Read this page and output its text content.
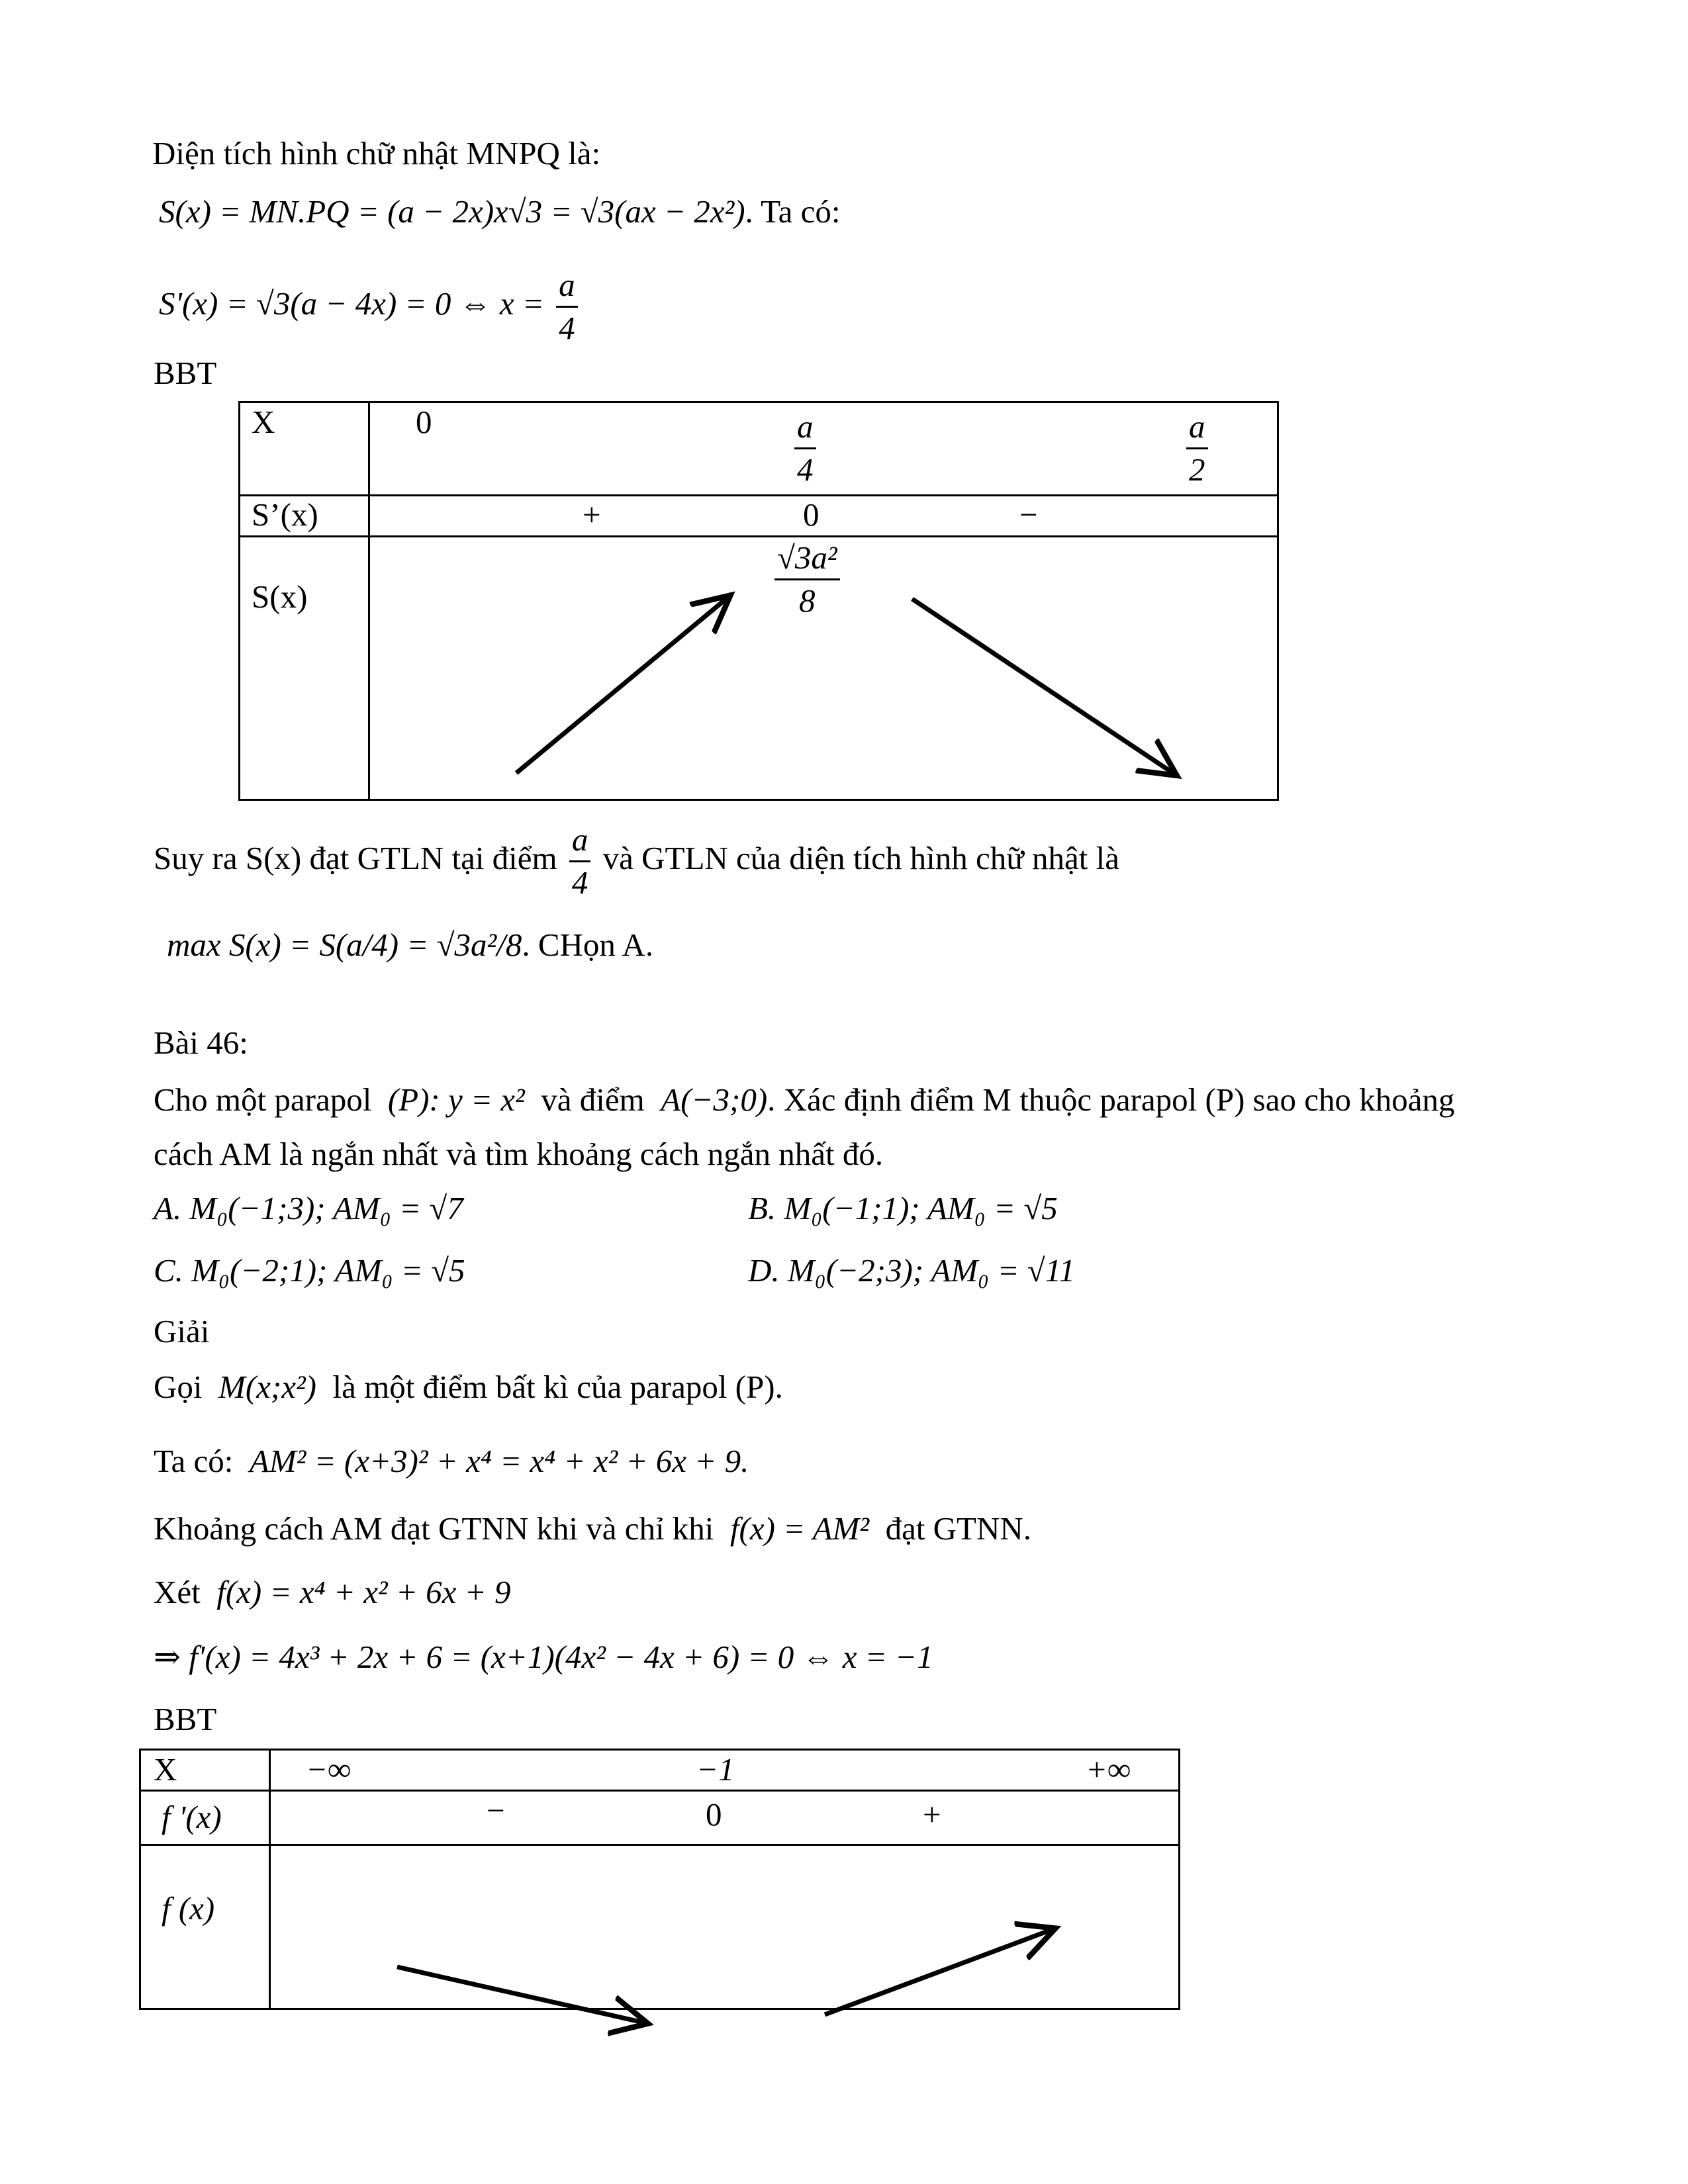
Diện tích hình chữ nhật MNPQ là:
S(x) = MN.PQ = (a − 2x)x√3 = √3(ax − 2x²). Ta có:
S'(x) = √3(a − 4x) = 0 ⇔ $x = \frac{a}{4}$
BBT
X	0	$\frac{a}{4}$	$\frac{a}{2}$
S’(x)	+	0	−
S(x)	$\frac{\text{√3a²}}{8}$
Suy ra S(x) đạt GTLN tại điểm $\frac{a}{4}$ và GTLN của diện tích hình chữ nhật là
max S(x) = S(a/4) = √3a²/8. CHọn A.
Bài 46:
Cho một parapol (P): y = x² và điểm A(−3;0). Xác định điểm M thuộc parapol (P) sao cho khoảng
cách AM là ngắn nhất và tìm khoảng cách ngắn nhất đó.
A. M₀(−1;3); AM₀ = √7	B. M₀(−1;1); AM₀ = √5
C. M₀(−2;1); AM₀ = √5	D. M₀(−2;3); AM₀ = √11
Giải
Gọi M(x;x²) là một điểm bất kì của parapol (P).
Ta có: AM² = (x+3)² + x⁴ = x⁴ + x² + 6x + 9.
Khoảng cách AM đạt GTNN khi và chỉ khi f(x) = AM² đạt GTNN.
Xét f(x) = x⁴ + x² + 6x + 9
⇒ f'(x) = 4x³ + 2x + 6 = (x+1)(4x² − 4x + 6) = 0 ⇔ x = −1
BBT
X	−∞	−1	+∞
f '(x)	−	0	+
f (x)
